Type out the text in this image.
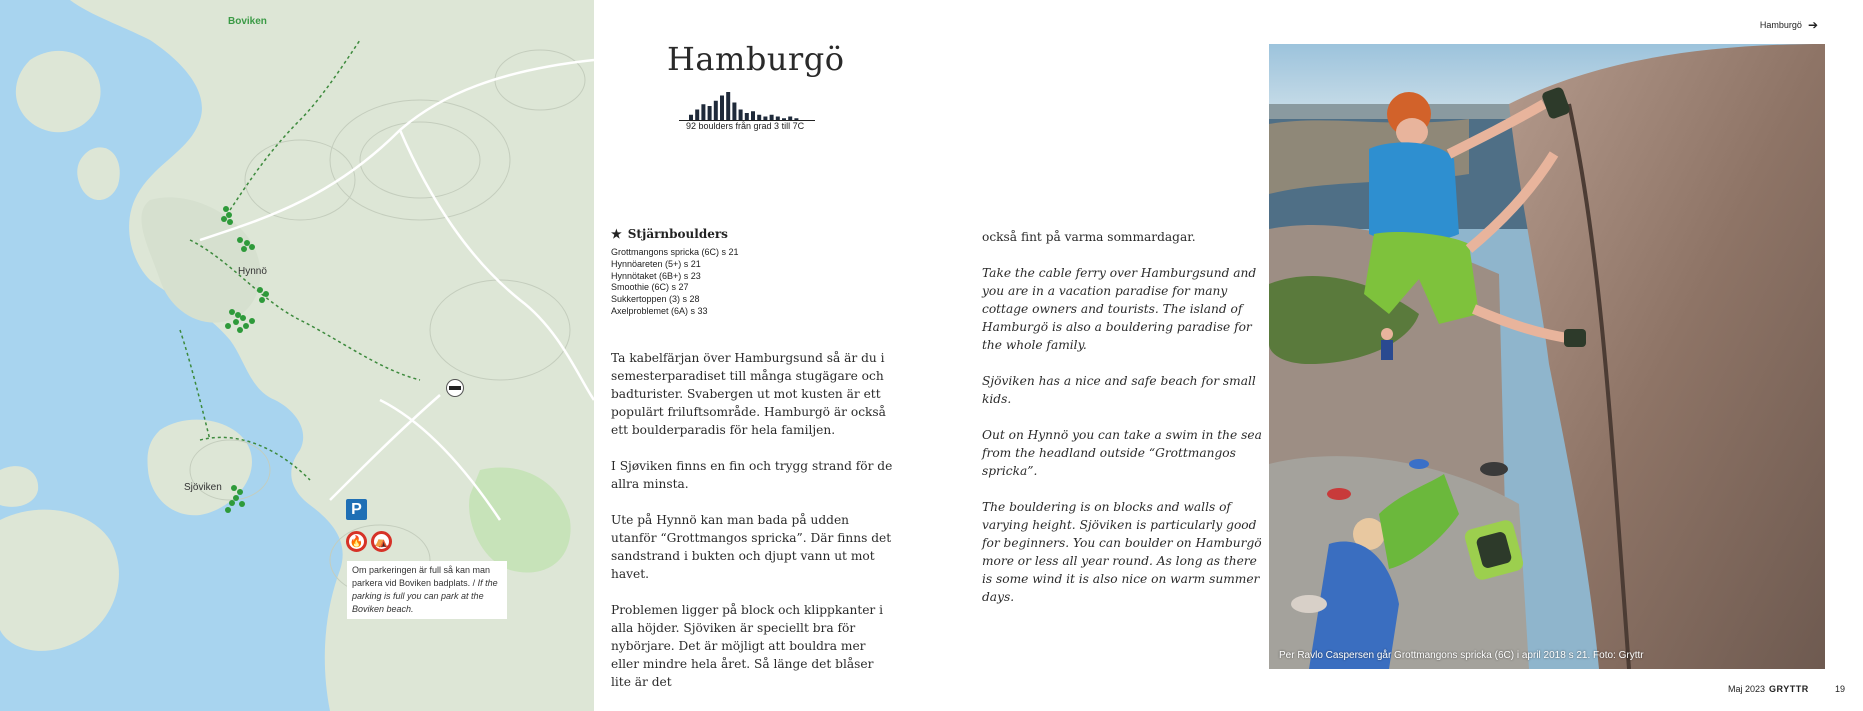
Boviken
Hynnö
Sjöviken
P
🔥	⛺
Om parkeringen är full så kan man parkera vid Boviken badplats. / If the parking is full you can park at the Boviken beach.
Hamburgö ➔
Hamburgö
92 boulders från grad 3 till 7C
★ Stjärnboulders
Grottmangons spricka (6C) s 21
Hynnöareten (5+) s 21
Hynnötaket (6B+) s 23
Smoothie (6C) s 27
Sukkertoppen (3) s 28
Axelproblemet (6A) s 33

Ta kabelfärjan över Hamburgsund så är du i semesterparadiset till många stugägare och badturister. Svabergen ut mot kusten är ett populärt friluftsområde. Hamburgö är också ett boulderparadis för hela familjen.

I Sjøviken finns en fin och trygg strand för de allra minsta.

Ute på Hynnö kan man bada på udden utanför “Grottmangos spricka”. Där finns det sandstrand i bukten och djupt vann ut mot havet.

Problemen ligger på block och klippkanter i alla höjder. Sjöviken är speciellt bra för nybörjare. Det är möjligt att bouldra mer eller mindre hela året. Så länge det blåser lite är det

också fint på varma sommardagar.

Take the cable ferry over Hamburgsund and you are in a vacation paradise for many cottage owners and tourists. The island of Hamburgö is also a bouldering paradise for the whole family.

Sjöviken has a nice and safe beach for small kids.

Out on Hynnö you can take a swim in the sea from the headland outside “Grottmangos spricka”.

The bouldering is on blocks and walls of varying height. Sjöviken is particularly good for beginners. You can boulder on Hamburgö more or less all year round. As long as there is some wind it is also nice on warm summer days.

Per Ravlo Caspersen går Grottmangons spricka (6C) i april 2018 s 21. Foto: Gryttr
Maj 2023 GRYTTR	19
